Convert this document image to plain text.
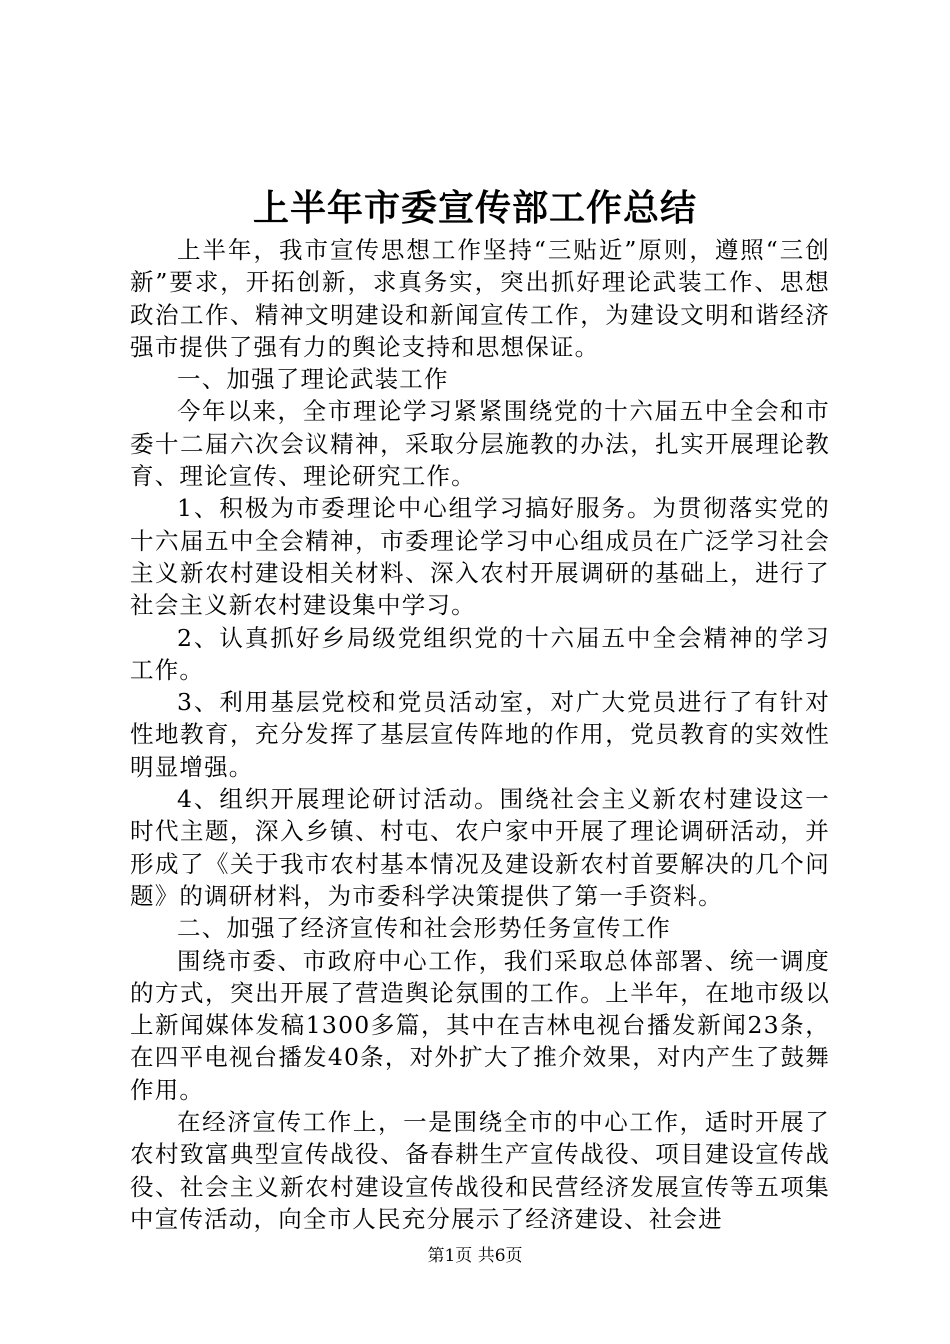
上半年市委宣传部工作总结

上半年，我市宣传思想工作坚持“三贴近”原则，遵照“三创新”要求，开拓创新，求真务实，突出抓好理论武装工作、思想政治工作、精神文明建设和新闻宣传工作，为建设文明和谐经济强市提供了强有力的舆论支持和思想保证。

一、加强了理论武装工作

今年以来，全市理论学习紧紧围绕党的十六届五中全会和市委十二届六次会议精神，采取分层施教的办法，扎实开展理论教育、理论宣传、理论研究工作。

1、积极为市委理论中心组学习搞好服务。为贯彻落实党的十六届五中全会精神，市委理论学习中心组成员在广泛学习社会主义新农村建设相关材料、深入农村开展调研的基础上，进行了社会主义新农村建设集中学习。

2、认真抓好乡局级党组织党的十六届五中全会精神的学习工作。

3、利用基层党校和党员活动室，对广大党员进行了有针对性地教育，充分发挥了基层宣传阵地的作用，党员教育的实效性明显增强。

4、组织开展理论研讨活动。围绕社会主义新农村建设这一时代主题，深入乡镇、村屯、农户家中开展了理论调研活动，并形成了《关于我市农村基本情况及建设新农村首要解决的几个问题》的调研材料，为市委科学决策提供了第一手资料。

二、加强了经济宣传和社会形势任务宣传工作

围绕市委、市政府中心工作，我们采取总体部署、统一调度的方式，突出开展了营造舆论氛围的工作。上半年，在地市级以上新闻媒体发稿1300多篇，其中在吉林电视台播发新闻23条，在四平电视台播发40条，对外扩大了推介效果，对内产生了鼓舞作用。

在经济宣传工作上，一是围绕全市的中心工作，适时开展了农村致富典型宣传战役、备春耕生产宣传战役、项目建设宣传战役、社会主义新农村建设宣传战役和民营经济发展宣传等五项集中宣传活动，向全市人民充分展示了经济建设、社会进

第1页 共6页
